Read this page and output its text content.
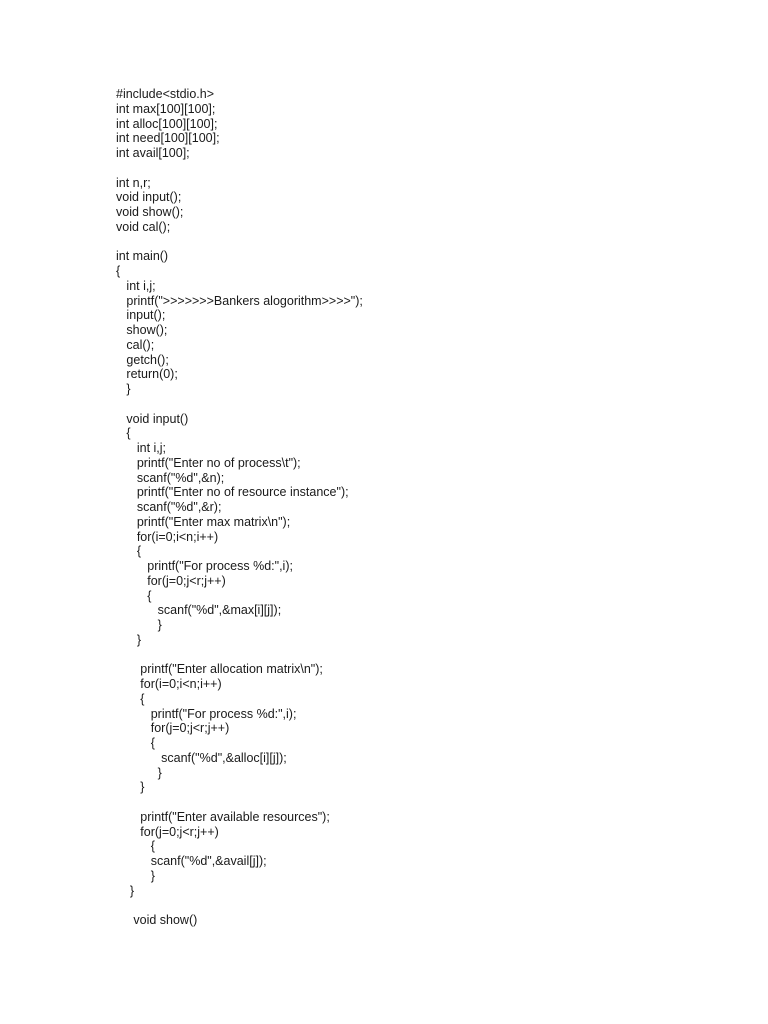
#include<stdio.h>
int max[100][100];
int alloc[100][100];
int need[100][100];
int avail[100];
int n,r;
void input();
void show();
void cal();
int main()
{
int i,j;
printf(">>>>>>>Bankers alogorithm>>>>");
input();
show();
cal();
getch();
return(0);
}
void input()
{
int i,j;
printf("Enter no of process\t");
scanf("%d",&n);
printf("Enter no of resource instance");
scanf("%d",&r);
printf("Enter max matrix\n");
for(i=0;i<n;i++)
{
printf("For process %d:",i);
for(j=0;j<r;j++)
{
scanf("%d",&max[i][j]);
}
}
printf("Enter allocation matrix\n");
for(i=0;i<n;i++)
{
printf("For process %d:",i);
for(j=0;j<r;j++)
{
scanf("%d",&alloc[i][j]);
}
}
printf("Enter available resources");
for(j=0;j<r;j++)
{
scanf("%d",&avail[j]);
}
}
void show()
